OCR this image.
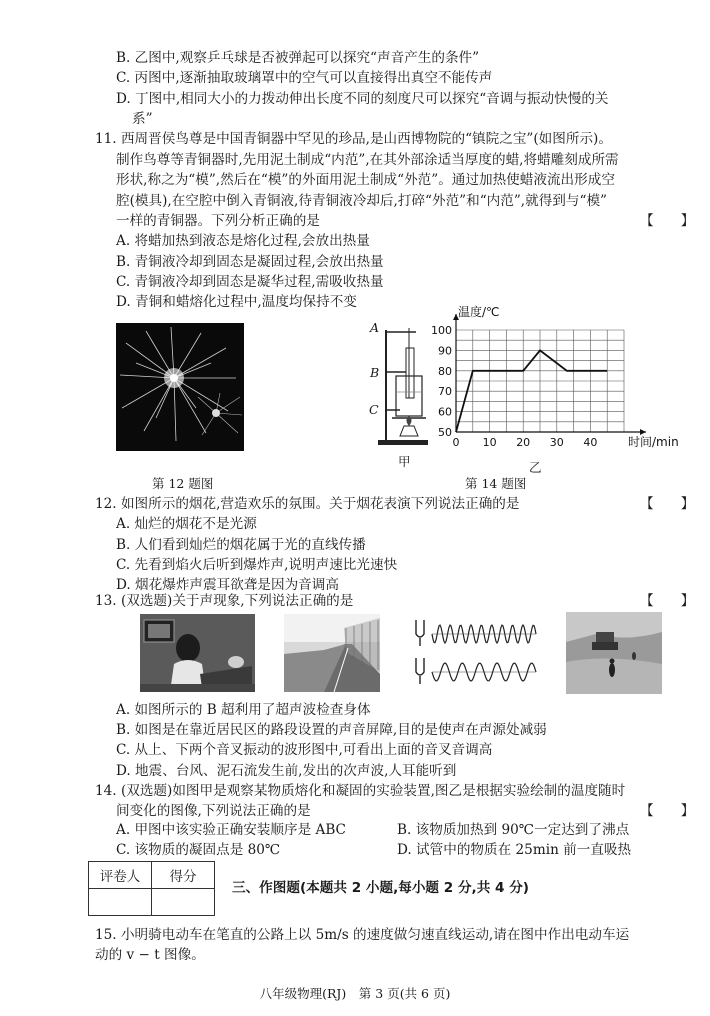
B. 乙图中,观察乒乓球是否被弹起可以探究“声音产生的条件”
C. 丙图中,逐渐抽取玻璃罩中的空气可以直接得出真空不能传声
D. 丁图中,相同大小的力拨动伸出长度不同的刻度尺可以探究“音调与振动快慢的关
系”
11. 西周晋侯鸟尊是中国青铜器中罕见的珍品,是山西博物院的“镇院之宝”(如图所示)。
制作鸟尊等青铜器时,先用泥土制成“内范”,在其外部涂适当厚度的蜡,将蜡雕刻成所需
形状,称之为“模”,然后在“模”的外面用泥土制成“外范”。通过加热使蜡液流出形成空
腔(模具),在空腔中倒入青铜液,待青铜液冷却后,打碎“外范”和“内范”,就得到与“模”
一样的青铜器。下列分析正确的是	【　　】
A. 将蜡加热到液态是熔化过程,会放出热量
B. 青铜液冷却到固态是凝固过程,会放出热量
C. 青铜液冷却到固态是凝华过程,需吸收热量
D. 青铜和蜡熔化过程中,温度均保持不变
第 12 题图
A
B
C
甲
0 10 20 30 40
50
60
70
80
90
100
温度/℃
时间/min
乙
第 14 题图
12. 如图所示的烟花,营造欢乐的氛围。关于烟花表演下列说法正确的是	【　　】
A. 灿烂的烟花不是光源
B. 人们看到灿烂的烟花属于光的直线传播
C. 先看到焰火后听到爆炸声,说明声速比光速快
D. 烟花爆炸声震耳欲聋是因为音调高
13. (双选题)关于声现象,下列说法正确的是	【　　】
A. 如图所示的 B 超利用了超声波检查身体
B. 如图是在靠近居民区的路段设置的声音屏障,目的是使声在声源处减弱
C. 从上、下两个音叉振动的波形图中,可看出上面的音叉音调高
D. 地震、台风、泥石流发生前,发出的次声波,人耳能听到
14. (双选题)如图甲是观察某物质熔化和凝固的实验装置,图乙是根据实验绘制的温度随时
间变化的图像,下列说法正确的是	【　　】
A. 甲图中该实验正确安装顺序是 ABC	B. 该物质加热到 90℃一定达到了沸点
C. 该物质的凝固点是 80℃	D. 试管中的物质在 25min 前一直吸热
评卷人	得分

三、作图题(本题共 2 小题,每小题 2 分,共 4 分)
15. 小明骑电动车在笔直的公路上以 5m/s 的速度做匀速直线运动,请在图中作出电动车运
动的 v − t 图像。
八年级物理(RJ)　第 3 页(共 6 页)
